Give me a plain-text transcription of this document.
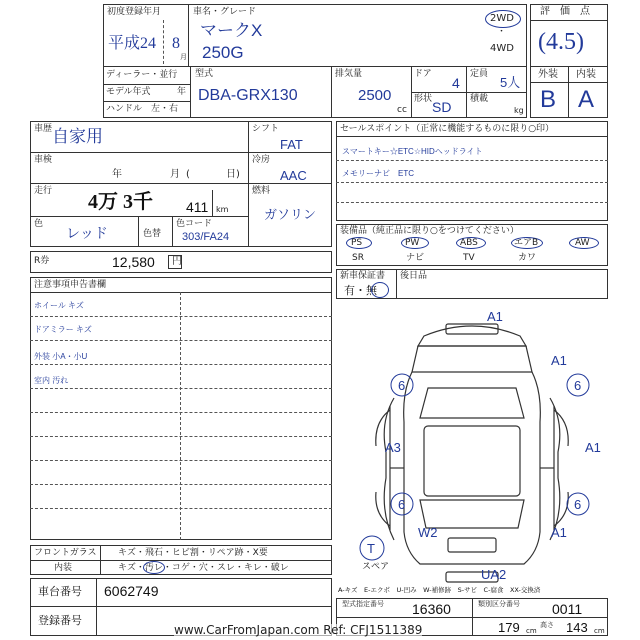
初度登録年月
平成24 8
月
車名・グレード
マークX
250G
2WD
・
4WD
ディーラー・並行
モデル年式	年
ハンドル　左・右
型式
DBA-GRX130
排気量
2500
cc
ドア
4
定員
5人
形状 SD 積載
kg
評　価　点
(4.5)
外装 内装
B A
車歴 自家用
車検
年	月 (	日)
走行 4万 3千 411 km
色
レッド	色替
色コード
303/FA24
シフト
FAT
冷房
AAC
燃料
ガソリン
セールスポイント（正常に機能するものに限り○印）
スマートキー☆ETC☆HIDヘッドライト
メモリーナビ　ETC
装備品（純正品に限り○をつけてください）
PS	PW	ABS	エアB	AW
SR	ナビ	TV	カワ
R券	12,580 円
新車保証書 後日品
有・無
注意事項申告書欄
ホイール キズ
ドアミラー キズ
外装 小A・小U
室内 汚れ
A1
A1
6	6
A3	A1
6	6
W2	A1
T
スペア	UA2
A-キズ　E-エクボ　U-凹み　W-補修跡　S-サビ　C-腐食　XX-交換済
フロントガラス キズ・飛石・ヒビ割・リペア跡・X要
内装	キズ・汚レ・コゲ・穴・スレ・キレ・破レ
車台番号 6062749
登録番号
型式指定番号 16360	類別区分番号 0011
179 cm
高さ 143 cm
www.CarFromJapan.com Ref: CFJ1511389
